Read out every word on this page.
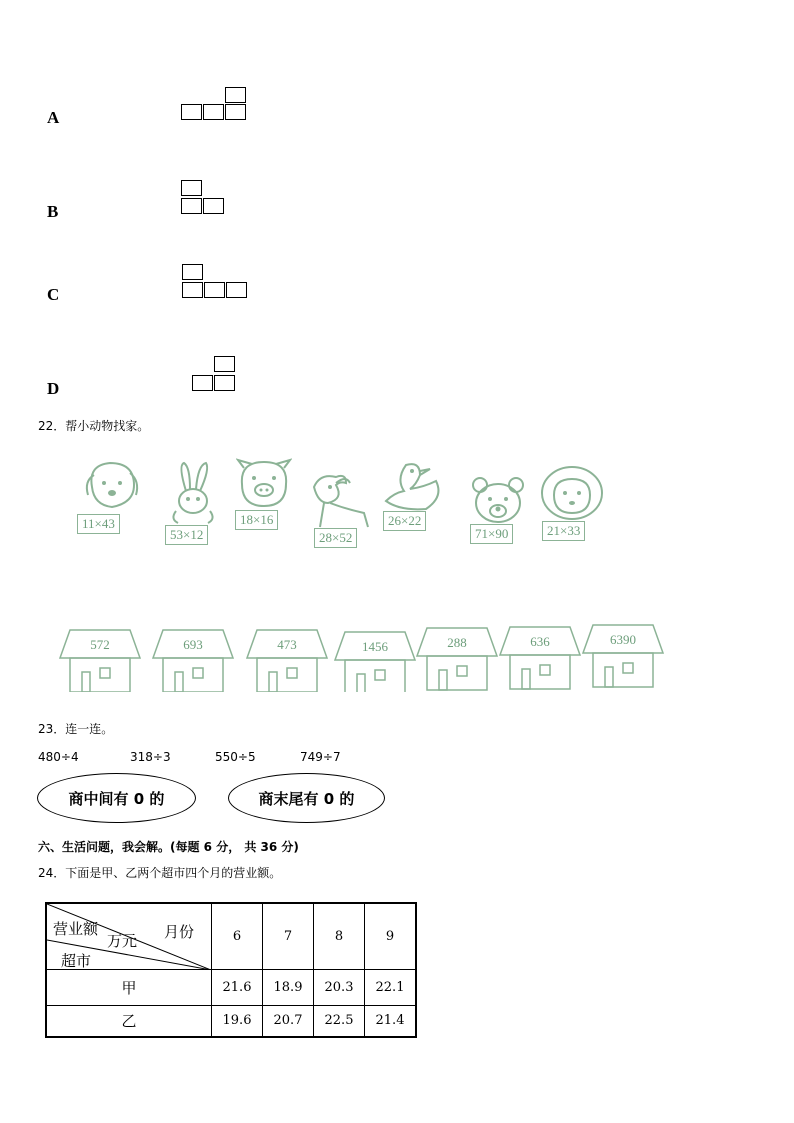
A
B
C
D
22．帮小动物找家。
11×43
53×12
18×16
28×52
26×22
71×90	21×33
572	693	473	1456	288	636	6390
23．连一连。
480÷4	318÷3	550÷5	749÷7
商中间有 0 的	商末尾有 0 的
六、生活问题，我会解。(每题 6 分， 共 36 分)
24．下面是甲、乙两个超市四个月的营业额。
营业额
万元 月份
超市	6	7	8	9
甲	21.6	18.9	20.3	22.1
乙	19.6	20.7	22.5	21.4
